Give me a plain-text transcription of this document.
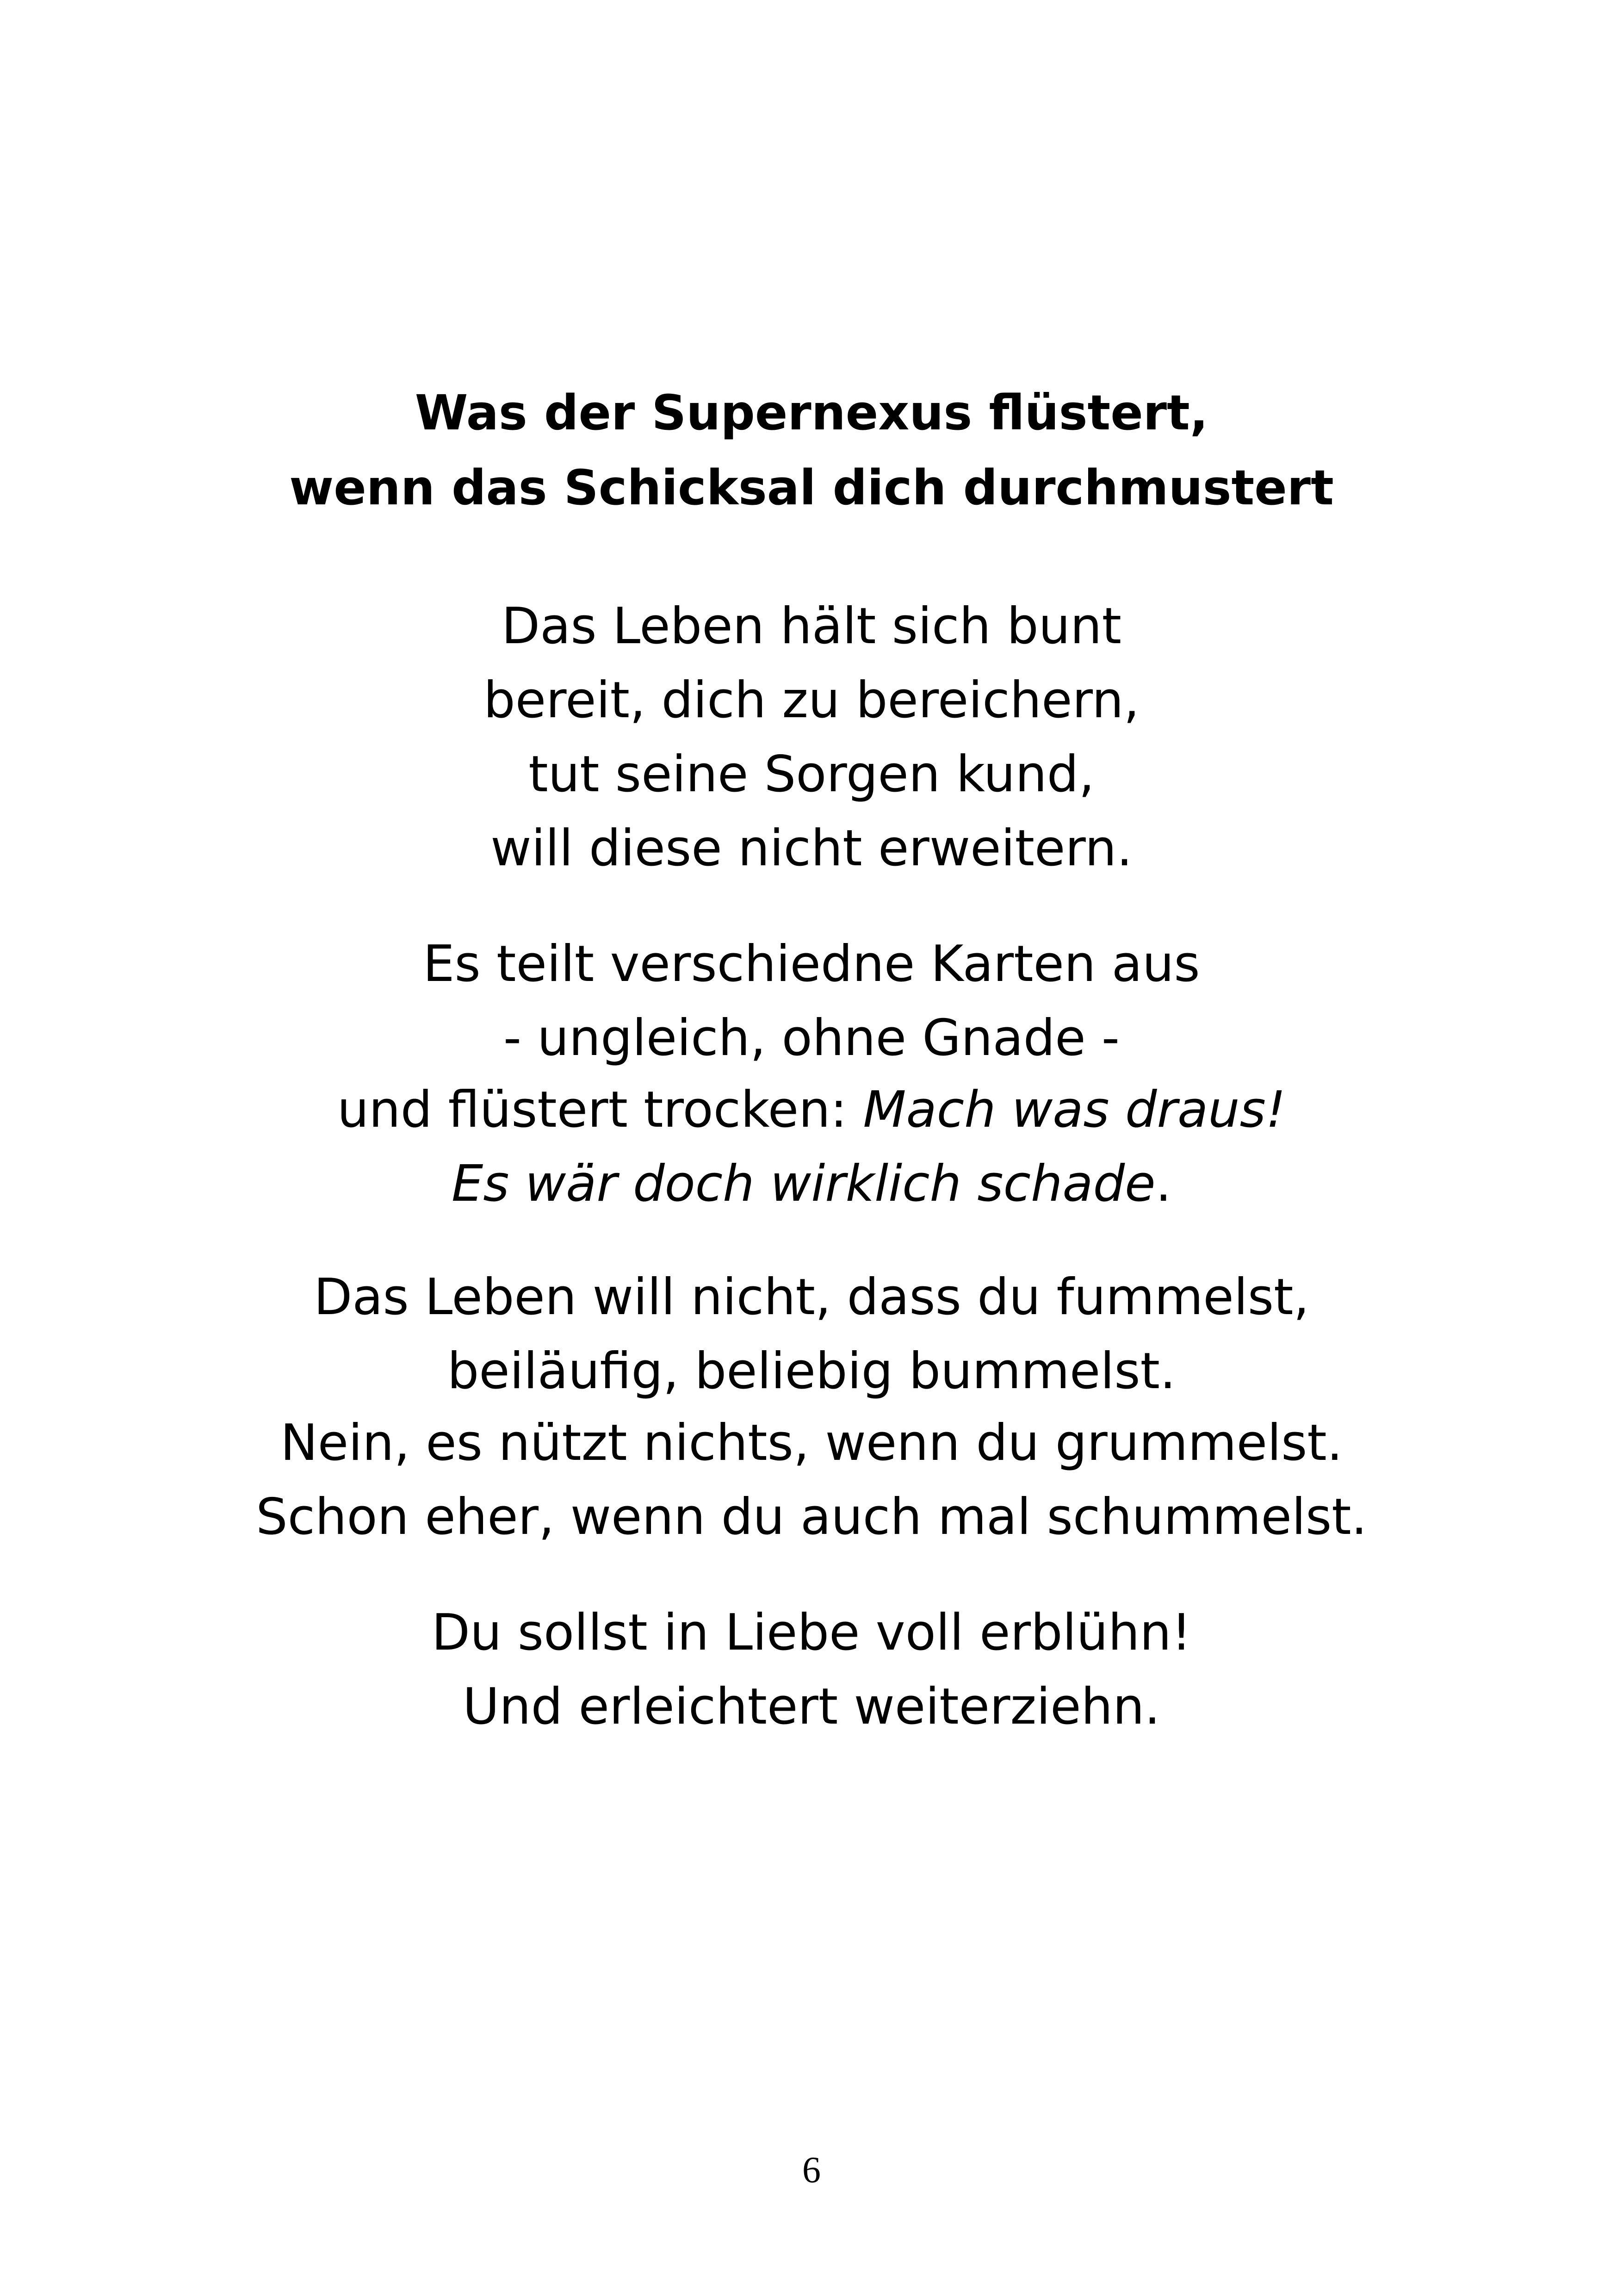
Was der Supernexus flüstert,
wenn das Schicksal dich durchmustert
Das Leben hält sich bunt
bereit, dich zu bereichern,
tut seine Sorgen kund,
will diese nicht erweitern.
Es teilt verschiedne Karten aus
- ungleich, ohne Gnade -
und flüstert trocken: Mach was draus!
Es wär doch wirklich schade.
Das Leben will nicht, dass du fummelst,
beiläufig, beliebig bummelst.
Nein, es nützt nichts, wenn du grummelst.
Schon eher, wenn du auch mal schummelst.
Du sollst in Liebe voll erblühn!
Und erleichtert weiterziehn.
6
